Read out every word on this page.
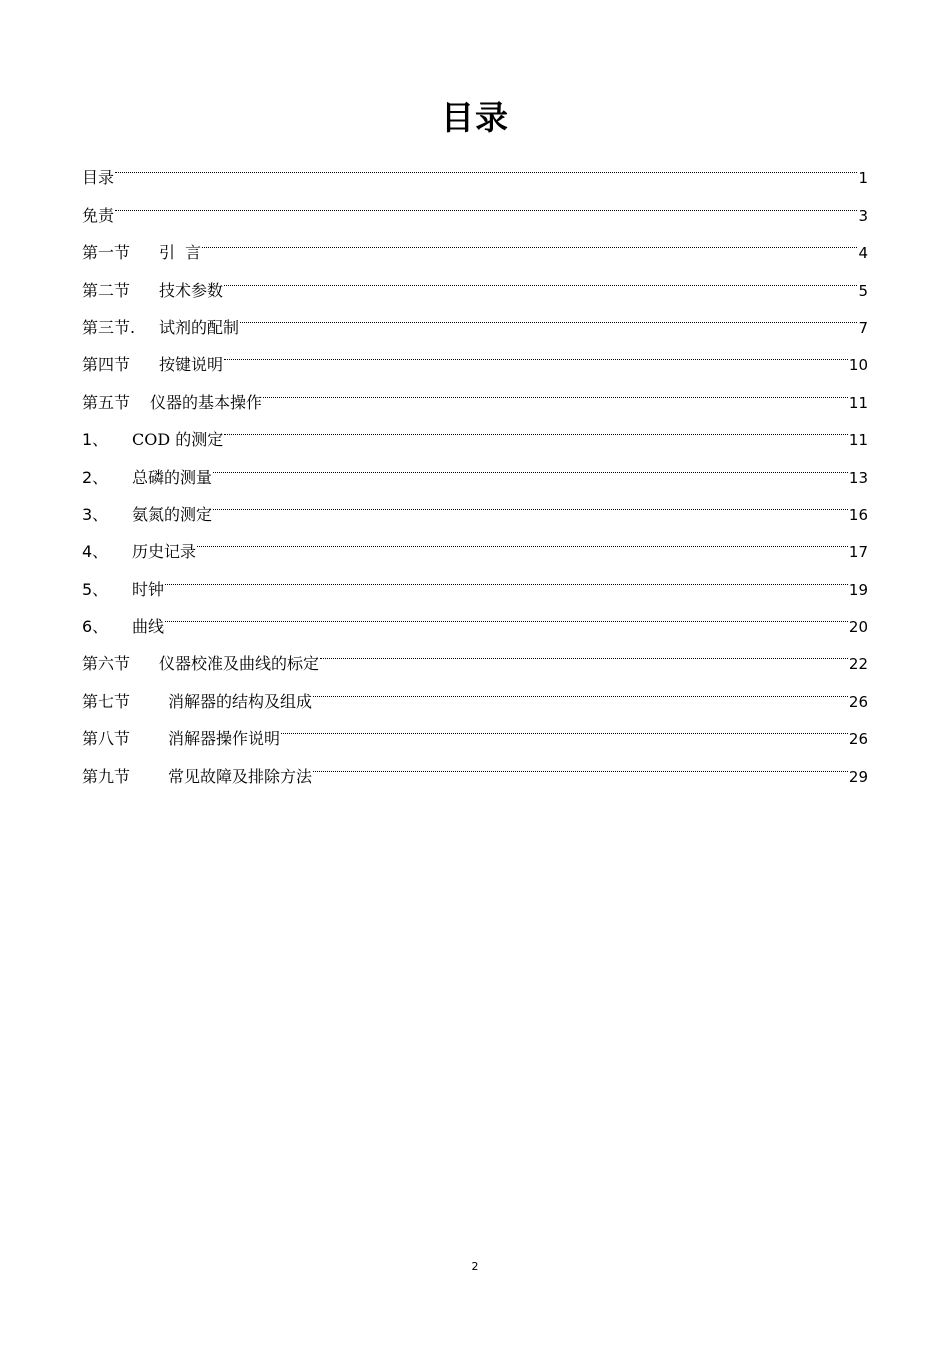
目录
目录	1
免责	3
第一节 引  言	4
第二节 技术参数	5
第三节. 试剂的配制	7
第四节 按键说明	10
第五节 仪器的基本操作	11
1、 COD 的测定	11
2、 总磷的测量	13
3、 氨氮的测定	16
4、 历史记录	17
5、 时钟	19
6、 曲线	20
第六节 仪器校准及曲线的标定	22
第七节 消解器的结构及组成	26
第八节 消解器操作说明	26
第九节 常见故障及排除方法	29
2
